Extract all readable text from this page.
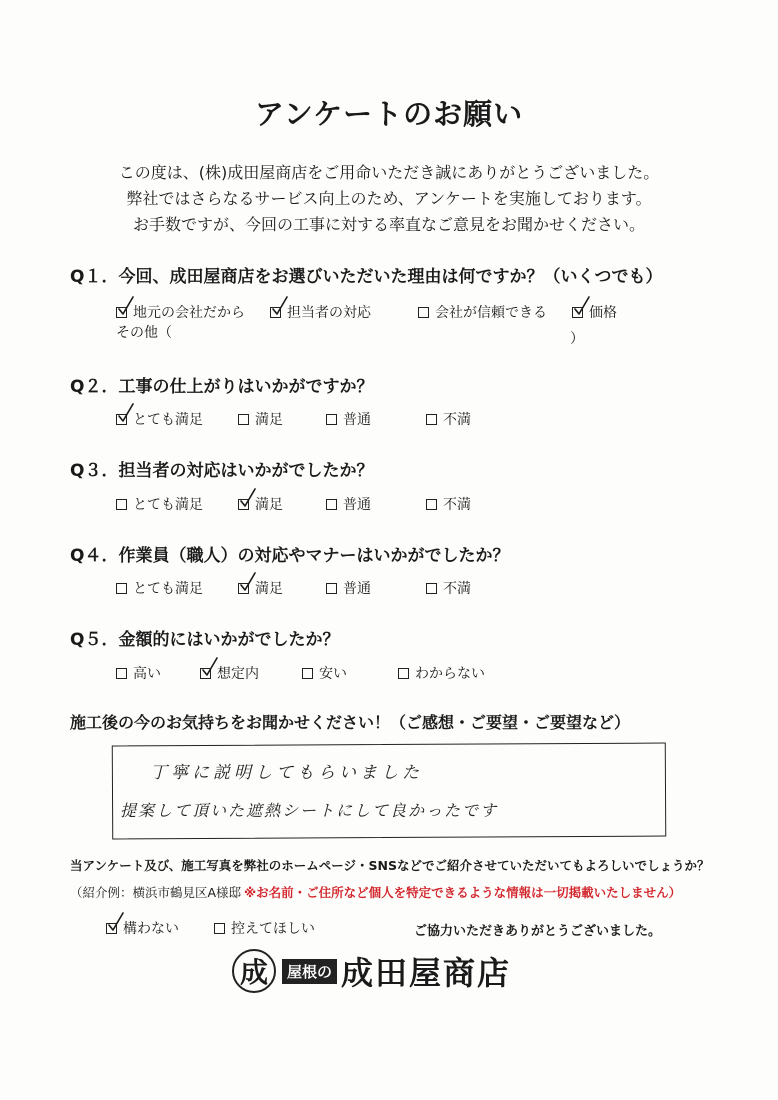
アンケートのお願い
この度は、(株)成田屋商店をご用命いただき誠にありがとうございました。
弊社ではさらなるサービス向上のため、アンケートを実施しております。
お手数ですが、今回の工事に対する率直なご意見をお聞かせください。
Q１．今回、成田屋商店をお選びいただいた理由は何ですか？（いくつでも）
地元の会社だから	担当者の対応	会社が信頼できる	価格
その他（	）
Q２．工事の仕上がりはいかがですか？
とても満足	満足	普通	不満
Q３．担当者の対応はいかがでしたか？
とても満足	満足	普通	不満
Q４．作業員（職人）の対応やマナーはいかがでしたか？
とても満足	満足	普通	不満
Q５．金額的にはいかがでしたか？
高い	想定内	安い	わからない
施工後の今のお気持ちをお聞かせください！（ご感想・ご要望・ご要望など）
丁寧に説明してもらいました
提案して頂いた遮熱シートにして良かったです
当アンケート及び、施工写真を弊社のホームページ・SNSなどでご紹介させていただいてもよろしいでしょうか？
（紹介例：横浜市鶴見区A様邸 ※お名前・ご住所など個人を特定できるような情報は一切掲載いたしません）
構わない	控えてほしい	ご協力いただきありがとうございました。
成	屋根の 成田屋商店
